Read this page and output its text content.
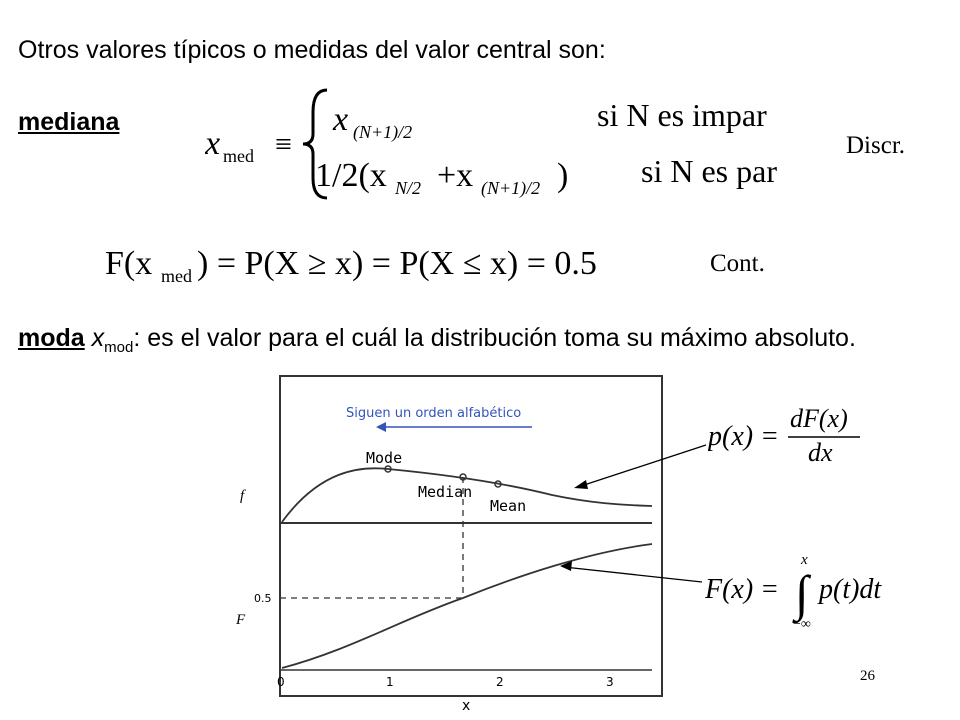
Otros valores típicos o medidas del valor central son:
mediana
x med ≡
x (N+1)/2	si N es impar
1/2(x N/2 +x (N+1)/2 ) si N es par
Discr.
F(x med ) = P(X ≥ x) = P(X ≤ x) = 0.5	Cont.
moda $x_{mod}$: es el valor para el cuál la distribución toma su máximo absoluto.
Siguen un orden alfabético
Mode
Median
Mean
f
F
0.5
0	1	2	3
x
p(x) =
dF(x)
dx
F(x) =
x
∫
−∞
p(t)dt
26
